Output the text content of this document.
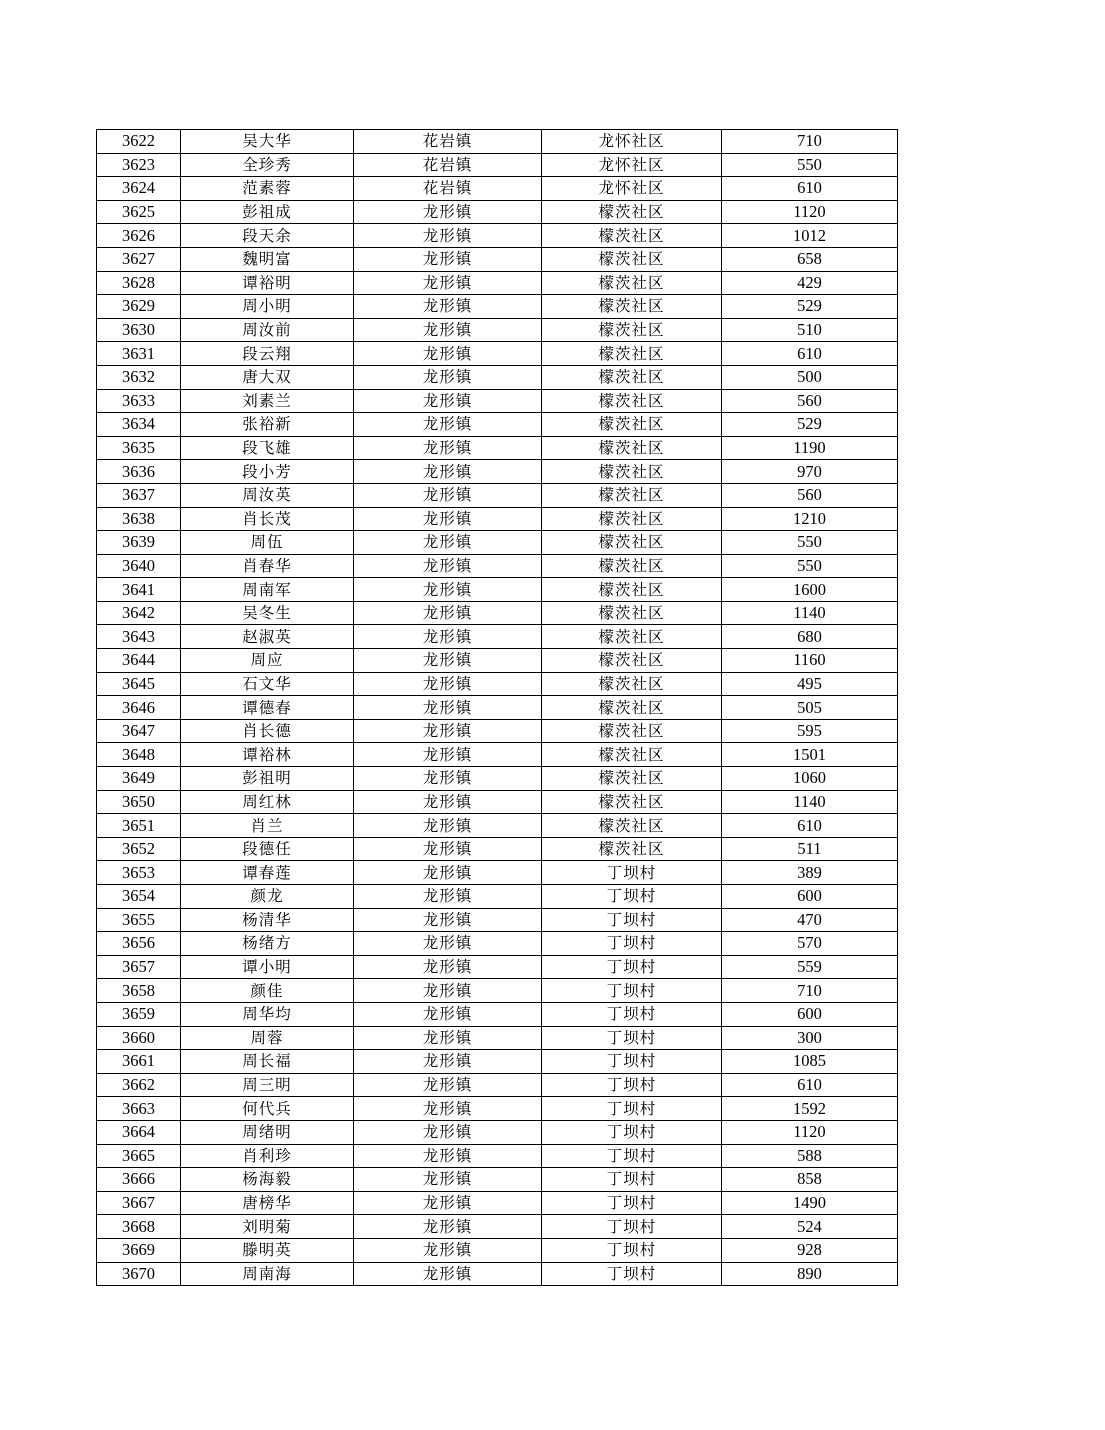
3622	吴大华	花岩镇	龙怀社区	710
3623	全珍秀	花岩镇	龙怀社区	550
3624	范素蓉	花岩镇	龙怀社区	610
3625	彭祖成	龙形镇	檬茨社区	1120
3626	段天余	龙形镇	檬茨社区	1012
3627	魏明富	龙形镇	檬茨社区	658
3628	谭裕明	龙形镇	檬茨社区	429
3629	周小明	龙形镇	檬茨社区	529
3630	周汝前	龙形镇	檬茨社区	510
3631	段云翔	龙形镇	檬茨社区	610
3632	唐大双	龙形镇	檬茨社区	500
3633	刘素兰	龙形镇	檬茨社区	560
3634	张裕新	龙形镇	檬茨社区	529
3635	段飞雄	龙形镇	檬茨社区	1190
3636	段小芳	龙形镇	檬茨社区	970
3637	周汝英	龙形镇	檬茨社区	560
3638	肖长茂	龙形镇	檬茨社区	1210
3639	周伍	龙形镇	檬茨社区	550
3640	肖春华	龙形镇	檬茨社区	550
3641	周南军	龙形镇	檬茨社区	1600
3642	吴冬生	龙形镇	檬茨社区	1140
3643	赵淑英	龙形镇	檬茨社区	680
3644	周应	龙形镇	檬茨社区	1160
3645	石文华	龙形镇	檬茨社区	495
3646	谭德春	龙形镇	檬茨社区	505
3647	肖长德	龙形镇	檬茨社区	595
3648	谭裕林	龙形镇	檬茨社区	1501
3649	彭祖明	龙形镇	檬茨社区	1060
3650	周红林	龙形镇	檬茨社区	1140
3651	肖兰	龙形镇	檬茨社区	610
3652	段德任	龙形镇	檬茨社区	511
3653	谭春莲	龙形镇	丁坝村	389
3654	颜龙	龙形镇	丁坝村	600
3655	杨清华	龙形镇	丁坝村	470
3656	杨绪方	龙形镇	丁坝村	570
3657	谭小明	龙形镇	丁坝村	559
3658	颜佳	龙形镇	丁坝村	710
3659	周华均	龙形镇	丁坝村	600
3660	周蓉	龙形镇	丁坝村	300
3661	周长福	龙形镇	丁坝村	1085
3662	周三明	龙形镇	丁坝村	610
3663	何代兵	龙形镇	丁坝村	1592
3664	周绪明	龙形镇	丁坝村	1120
3665	肖利珍	龙形镇	丁坝村	588
3666	杨海毅	龙形镇	丁坝村	858
3667	唐榜华	龙形镇	丁坝村	1490
3668	刘明菊	龙形镇	丁坝村	524
3669	滕明英	龙形镇	丁坝村	928
3670	周南海	龙形镇	丁坝村	890
